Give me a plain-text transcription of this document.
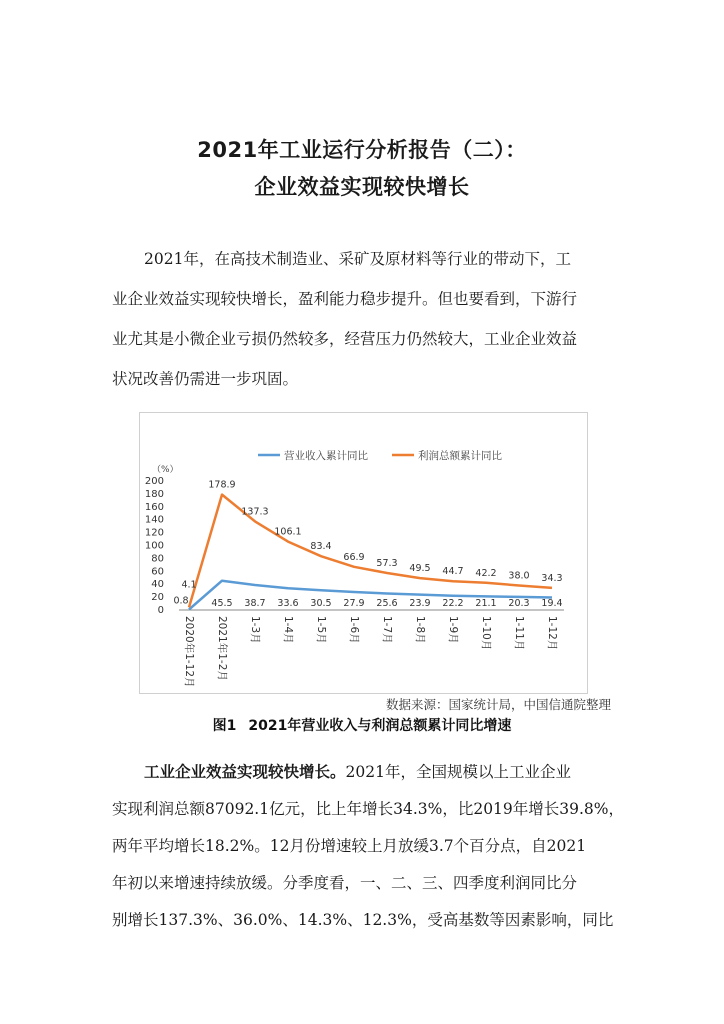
2021年工业运行分析报告（二）：
企业效益实现较快增长
2021年，在高技术制造业、采矿及原材料等行业的带动下，工
业企业效益实现较快增长，盈利能力稳步提升。但也要看到，下游行
业尤其是小微企业亏损仍然较多，经营压力仍然较大，工业企业效益
状况改善仍需进一步巩固。
（%）
0
20
40
60
80
100
120
140
160
180
200
2020年1-12月 2021年1-2月 1-3月 1-4月 1-5月 1-6月 1-7月 1-8月 1-9月 1-10月 1-11月 1-12月
营业收入累计同比	利润总额累计同比
0.8 45.5 38.7 33.6 30.5 27.9 25.6 23.9 22.2 21.1 20.3 19.4
4.1
178.9
137.3
106.1
83.4
66.9
57.3 49.5 44.7 42.2 38.0 34.3
数据来源：国家统计局，中国信通院整理
图1 2021年营业收入与利润总额累计同比增速
工业企业效益实现较快增长。2021年，全国规模以上工业企业
实现利润总额87092.1亿元，比上年增长34.3%，比2019年增长39.8%，
两年平均增长18.2%。12月份增速较上月放缓3.7个百分点，自2021
年初以来增速持续放缓。分季度看，一、二、三、四季度利润同比分
别增长137.3%、36.0%、14.3%、12.3%，受高基数等因素影响，同比
